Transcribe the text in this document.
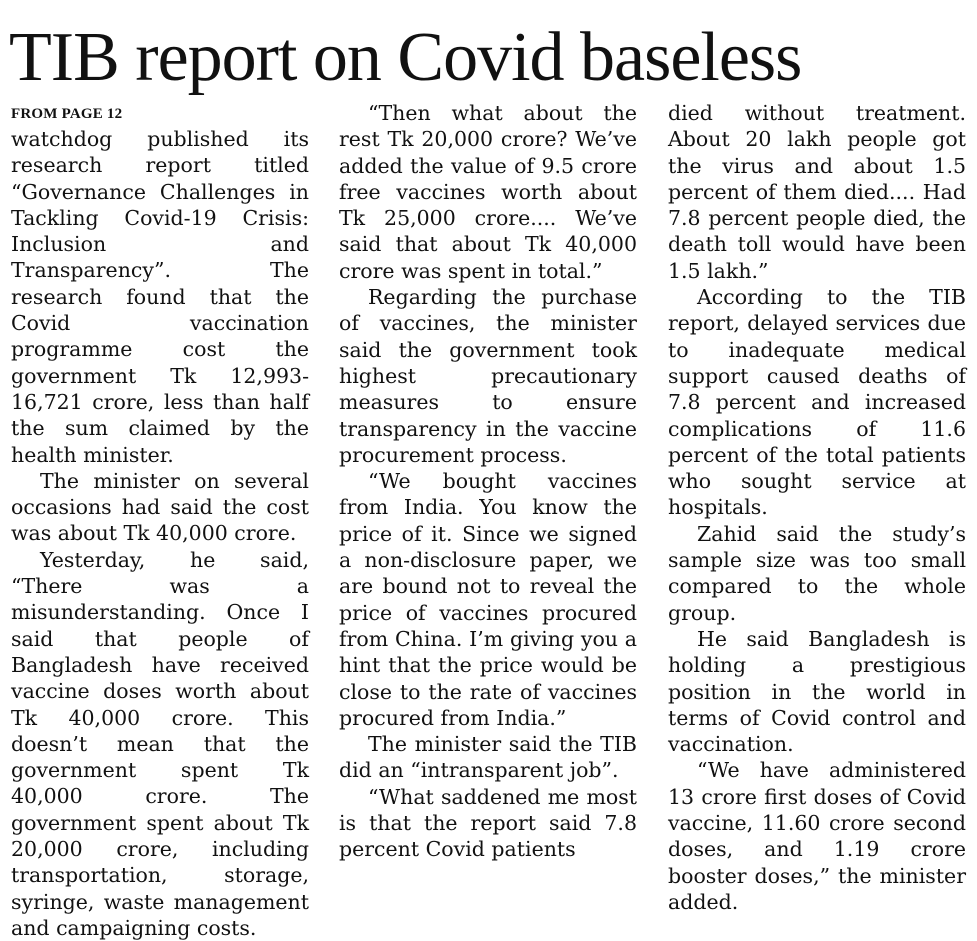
TIB report on Covid baseless
FROM PAGE 12

watchdog published its research report titled “Governance Challenges in Tackling Covid-19 Crisis: Inclusion and Transparency”. The research found that the Covid vaccination programme cost the government Tk 12,993-16,721 crore, less than half the sum claimed by the health minister.

The minister on several occasions had said the cost was about Tk 40,000 crore.

Yesterday, he said, “There was a misunderstanding. Once I said that people of Bangladesh have received vaccine doses worth about Tk 40,000 crore. This doesn’t mean that the government spent Tk 40,000 crore. The government spent about Tk 20,000 crore, including transportation, storage, syringe, waste management and campaigning costs.

“Then what about the rest Tk 20,000 crore? We’ve added the value of 9.5 crore free vaccines worth about Tk 25,000 crore.... We’ve said that about Tk 40,000 crore was spent in total.”

Regarding the purchase of vaccines, the minister said the government took highest precautionary measures to ensure transparency in the vaccine procurement process.

“We bought vaccines from India. You know the price of it. Since we signed a non-disclosure paper, we are bound not to reveal the price of vaccines procured from China. I’m giving you a hint that the price would be close to the rate of vaccines procured from India.”

The minister said the TIB did an “intransparent job”.

“What saddened me most is that the report said 7.8 percent Covid patients

died without treatment. About 20 lakh people got the virus and about 1.5 percent of them died.... Had 7.8 percent people died, the death toll would have been 1.5 lakh.”

According to the TIB report, delayed services due to inadequate medical support caused deaths of 7.8 percent and increased complications of 11.6 percent of the total patients who sought service at hospitals.

Zahid said the study’s sample size was too small compared to the whole group.

He said Bangladesh is holding a prestigious position in the world in terms of Covid control and vaccination.

“We have administered 13 crore first doses of Covid vaccine, 11.60 crore second doses, and 1.19 crore booster doses,” the minister added.
